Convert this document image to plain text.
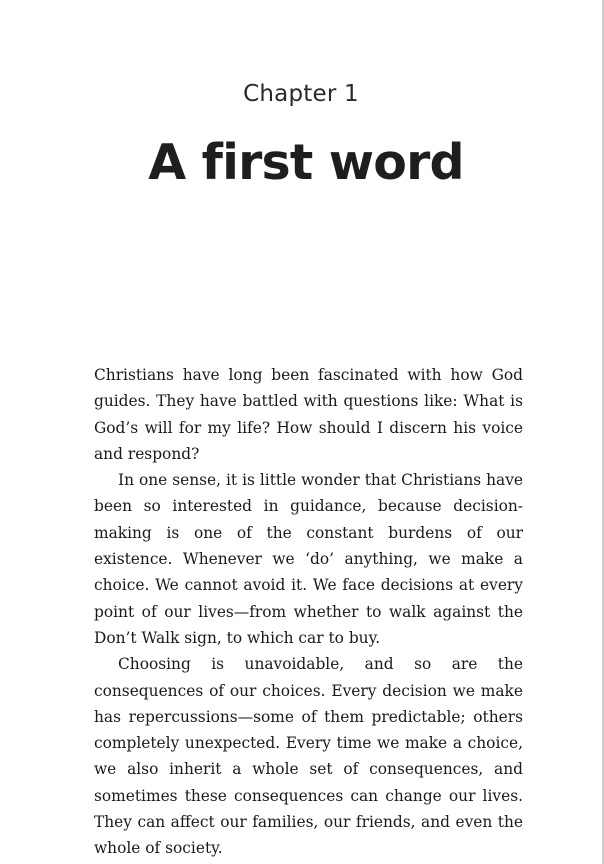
Chapter 1
A first word

Christians have long been fascinated with how God guides. They have battled with questions like: What is God’s will for my life? How should I discern his voice and respond?

In one sense, it is little wonder that Christians have been so interested in guidance, because decision-making is one of the constant burdens of our existence. Whenever we ‘do’ anything, we make a choice. We cannot avoid it. We face decisions at every point of our lives—from whether to walk against the Don’t Walk sign, to which car to buy.

Choosing is unavoidable, and so are the consequences of our choices. Every decision we make has repercussions—some of them predictable; others completely unexpected. Every time we make a choice, we also inherit a whole set of consequences, and sometimes these consequences can change our lives. They can affect our families, our friends, and even the whole of society.
